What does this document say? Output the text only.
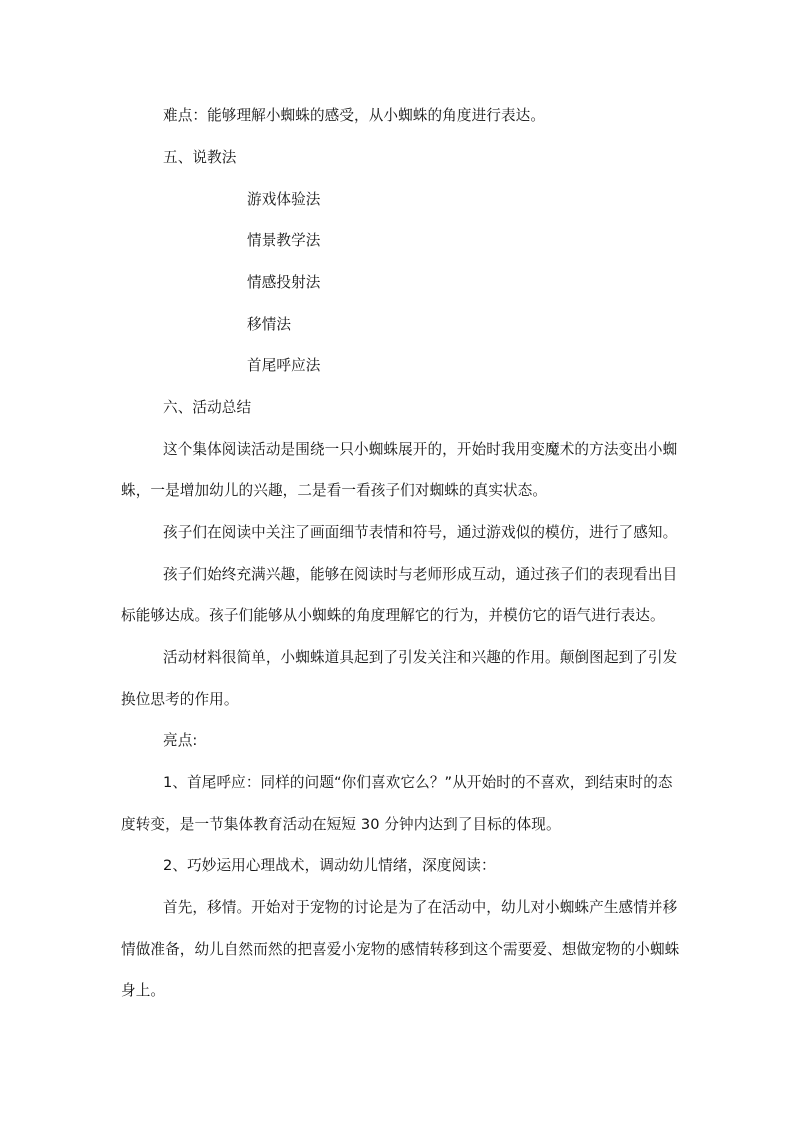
难点：能够理解小蜘蛛的感受，从小蜘蛛的角度进行表达。
五、说教法
游戏体验法
情景教学法
情感投射法
移情法
首尾呼应法
六、活动总结
这个集体阅读活动是围绕一只小蜘蛛展开的，开始时我用变魔术的方法变出小蜘
蛛，一是增加幼儿的兴趣，二是看一看孩子们对蜘蛛的真实状态。
孩子们在阅读中关注了画面细节表情和符号，通过游戏似的模仿，进行了感知。
孩子们始终充满兴趣，能够在阅读时与老师形成互动，通过孩子们的表现看出目
标能够达成。孩子们能够从小蜘蛛的角度理解它的行为，并模仿它的语气进行表达。
活动材料很简单，小蜘蛛道具起到了引发关注和兴趣的作用。颠倒图起到了引发
换位思考的作用。
亮点:
1、首尾呼应：同样的问题“你们喜欢它么？”从开始时的不喜欢，到结束时的态
度转变，是一节集体教育活动在短短 30 分钟内达到了目标的体现。
2、巧妙运用心理战术，调动幼儿情绪，深度阅读：
首先，移情。开始对于宠物的讨论是为了在活动中，幼儿对小蜘蛛产生感情并移
情做准备，幼儿自然而然的把喜爱小宠物的感情转移到这个需要爱、想做宠物的小蜘蛛
身上。
